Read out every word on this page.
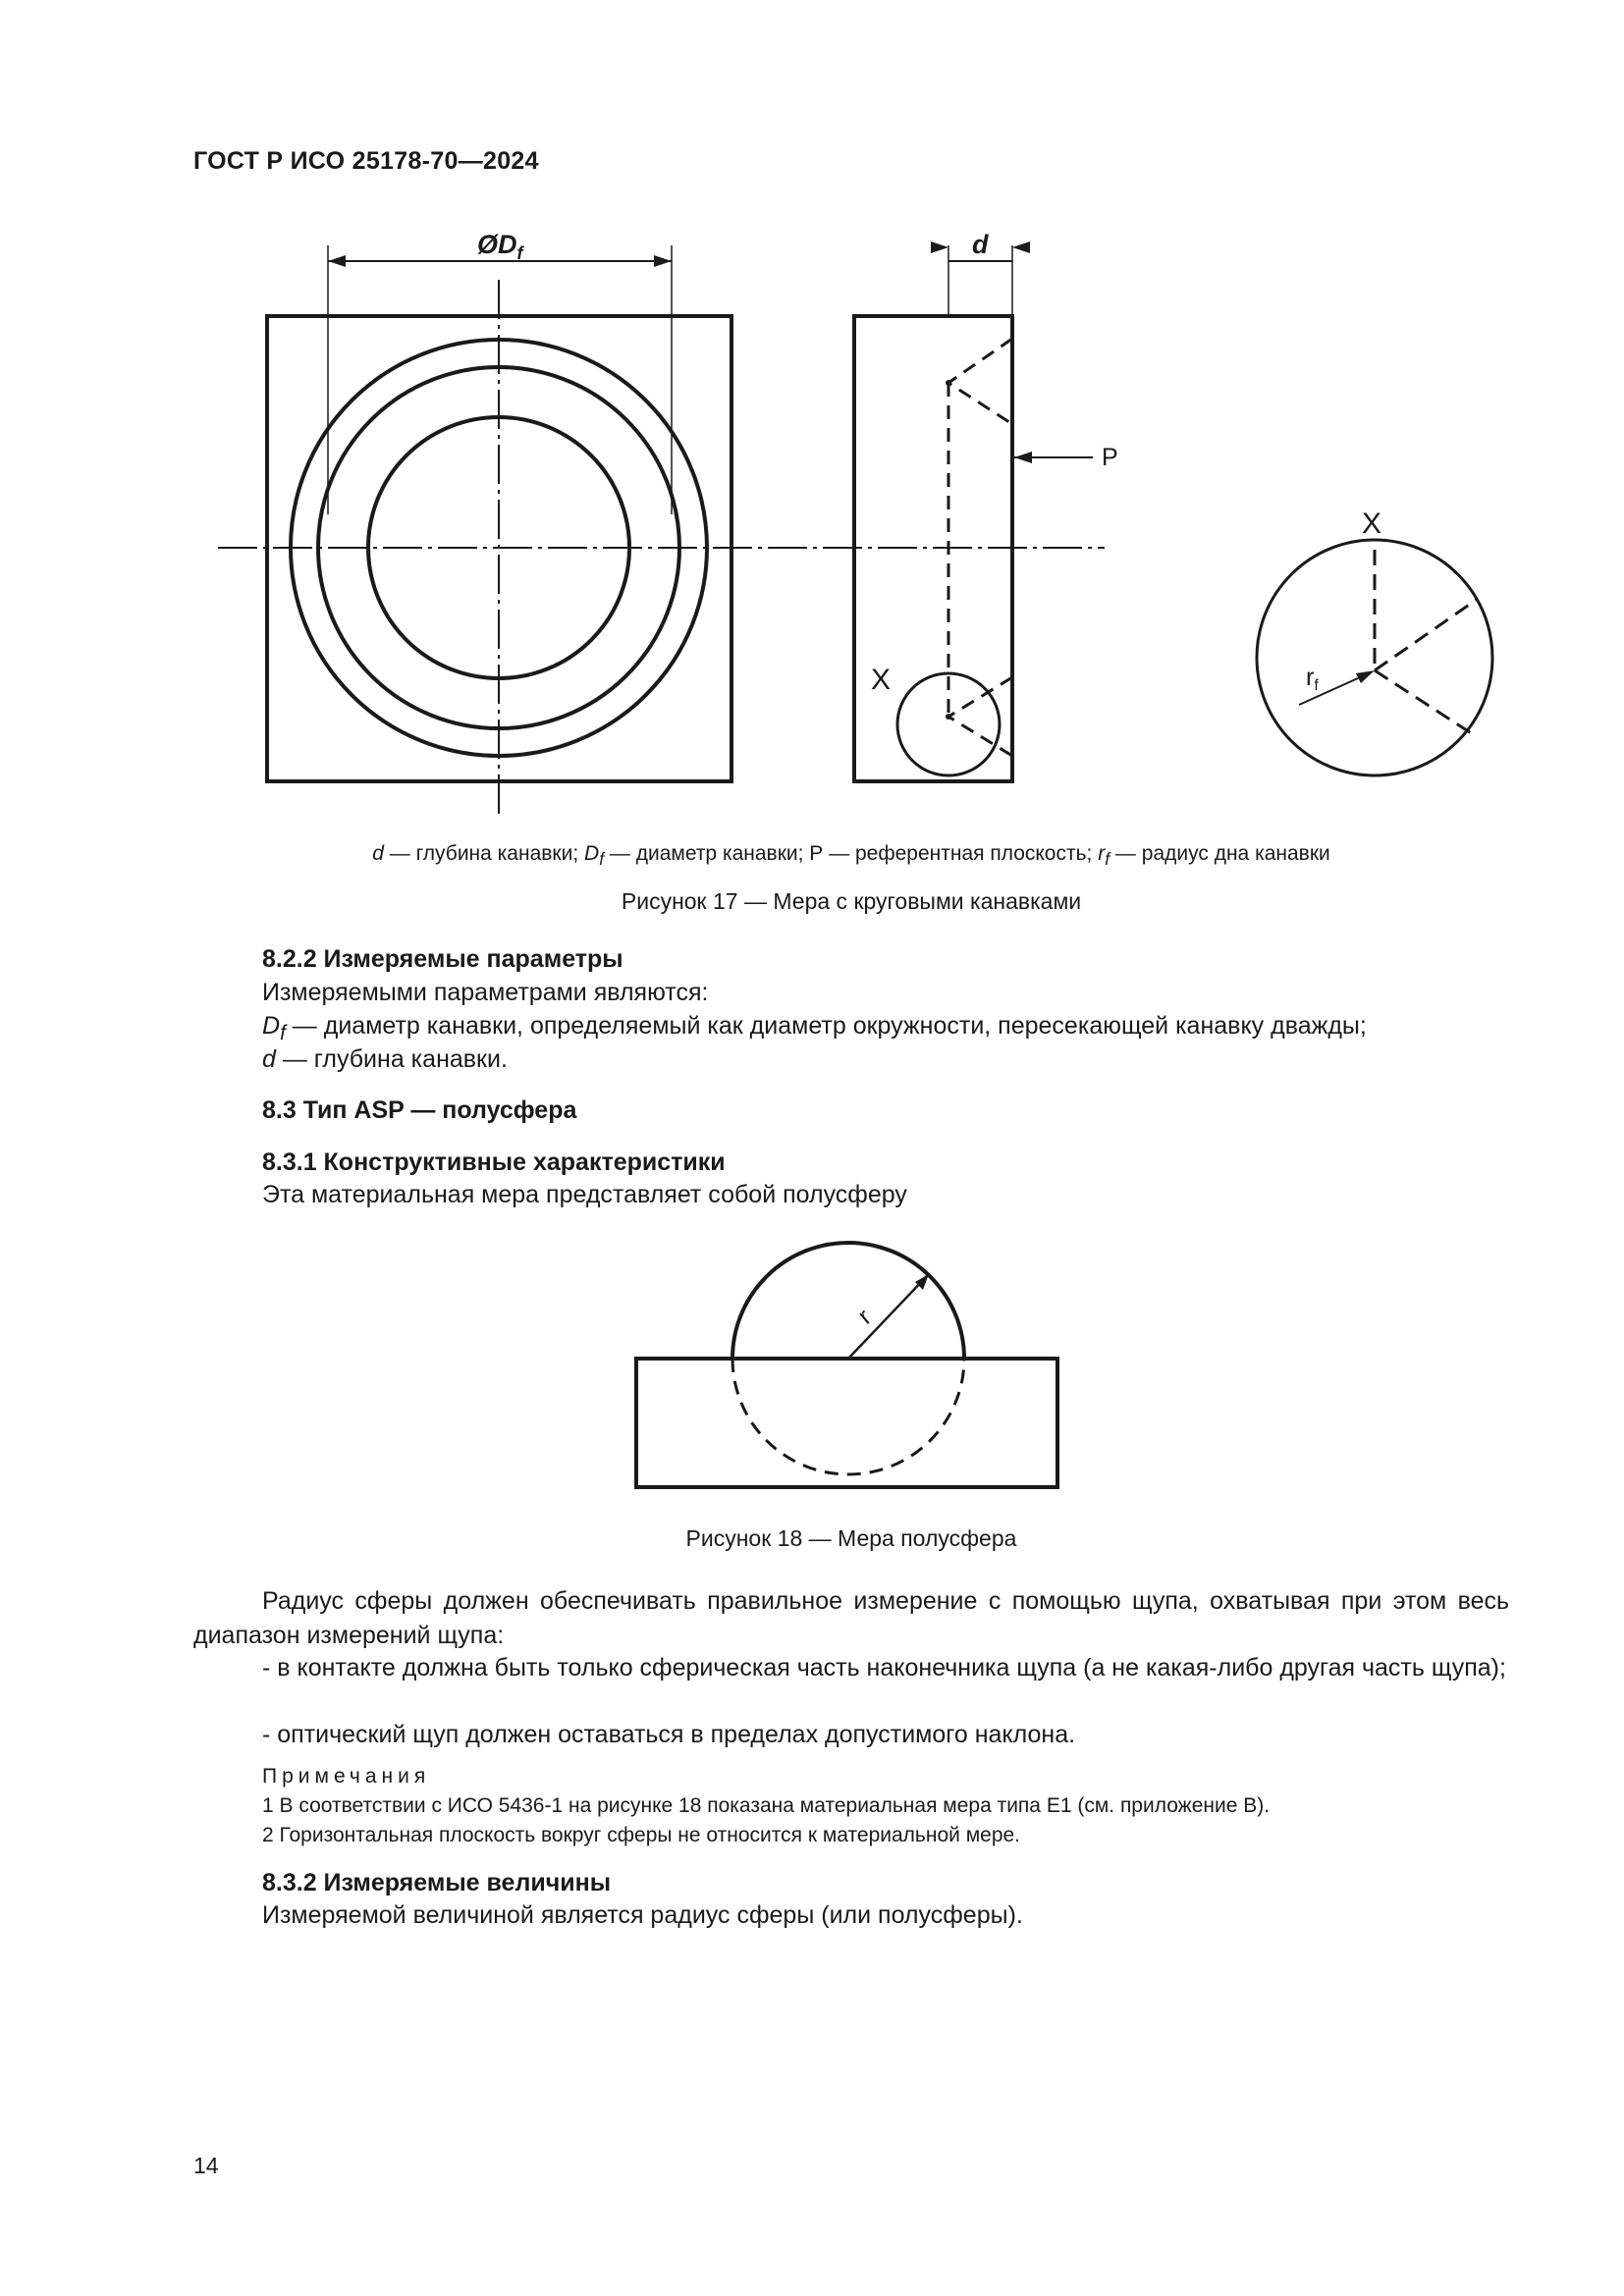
ГОСТ Р ИСО 25178-70—2024
$ØD_f$	d
P
X
X
$r_f$
d — глубина канавки; $D_f$ — диаметр канавки; Р — референтная плоскость; $r_f$ — радиус дна канавки
Рисунок 17 — Мера с круговыми канавками
8.2.2 Измеряемые параметры
Измеряемыми параметрами являются:
$D_f$ — диаметр канавки, определяемый как диаметр окружности, пересекающей канавку дважды;
d — глубина канавки.
8.3 Тип ASP — полусфера
8.3.1 Конструктивные характеристики
Эта материальная мера представляет собой полусферу
r
Рисунок 18 — Мера полусфера
Радиус сферы должен обеспечивать правильное измерение с помощью щупа, охватывая при этом весь диапазон измерений щупа:
- в контакте должна быть только сферическая часть наконечника щупа (а не какая-либо другая часть щупа);
- оптический щуп должен оставаться в пределах допустимого наклона.
Примечания
1 В соответствии с ИСО 5436-1 на рисунке 18 показана материальная мера типа Е1 (см. приложение В).
2 Горизонтальная плоскость вокруг сферы не относится к материальной мере.
8.3.2 Измеряемые величины
Измеряемой величиной является радиус сферы (или полусферы).
14
